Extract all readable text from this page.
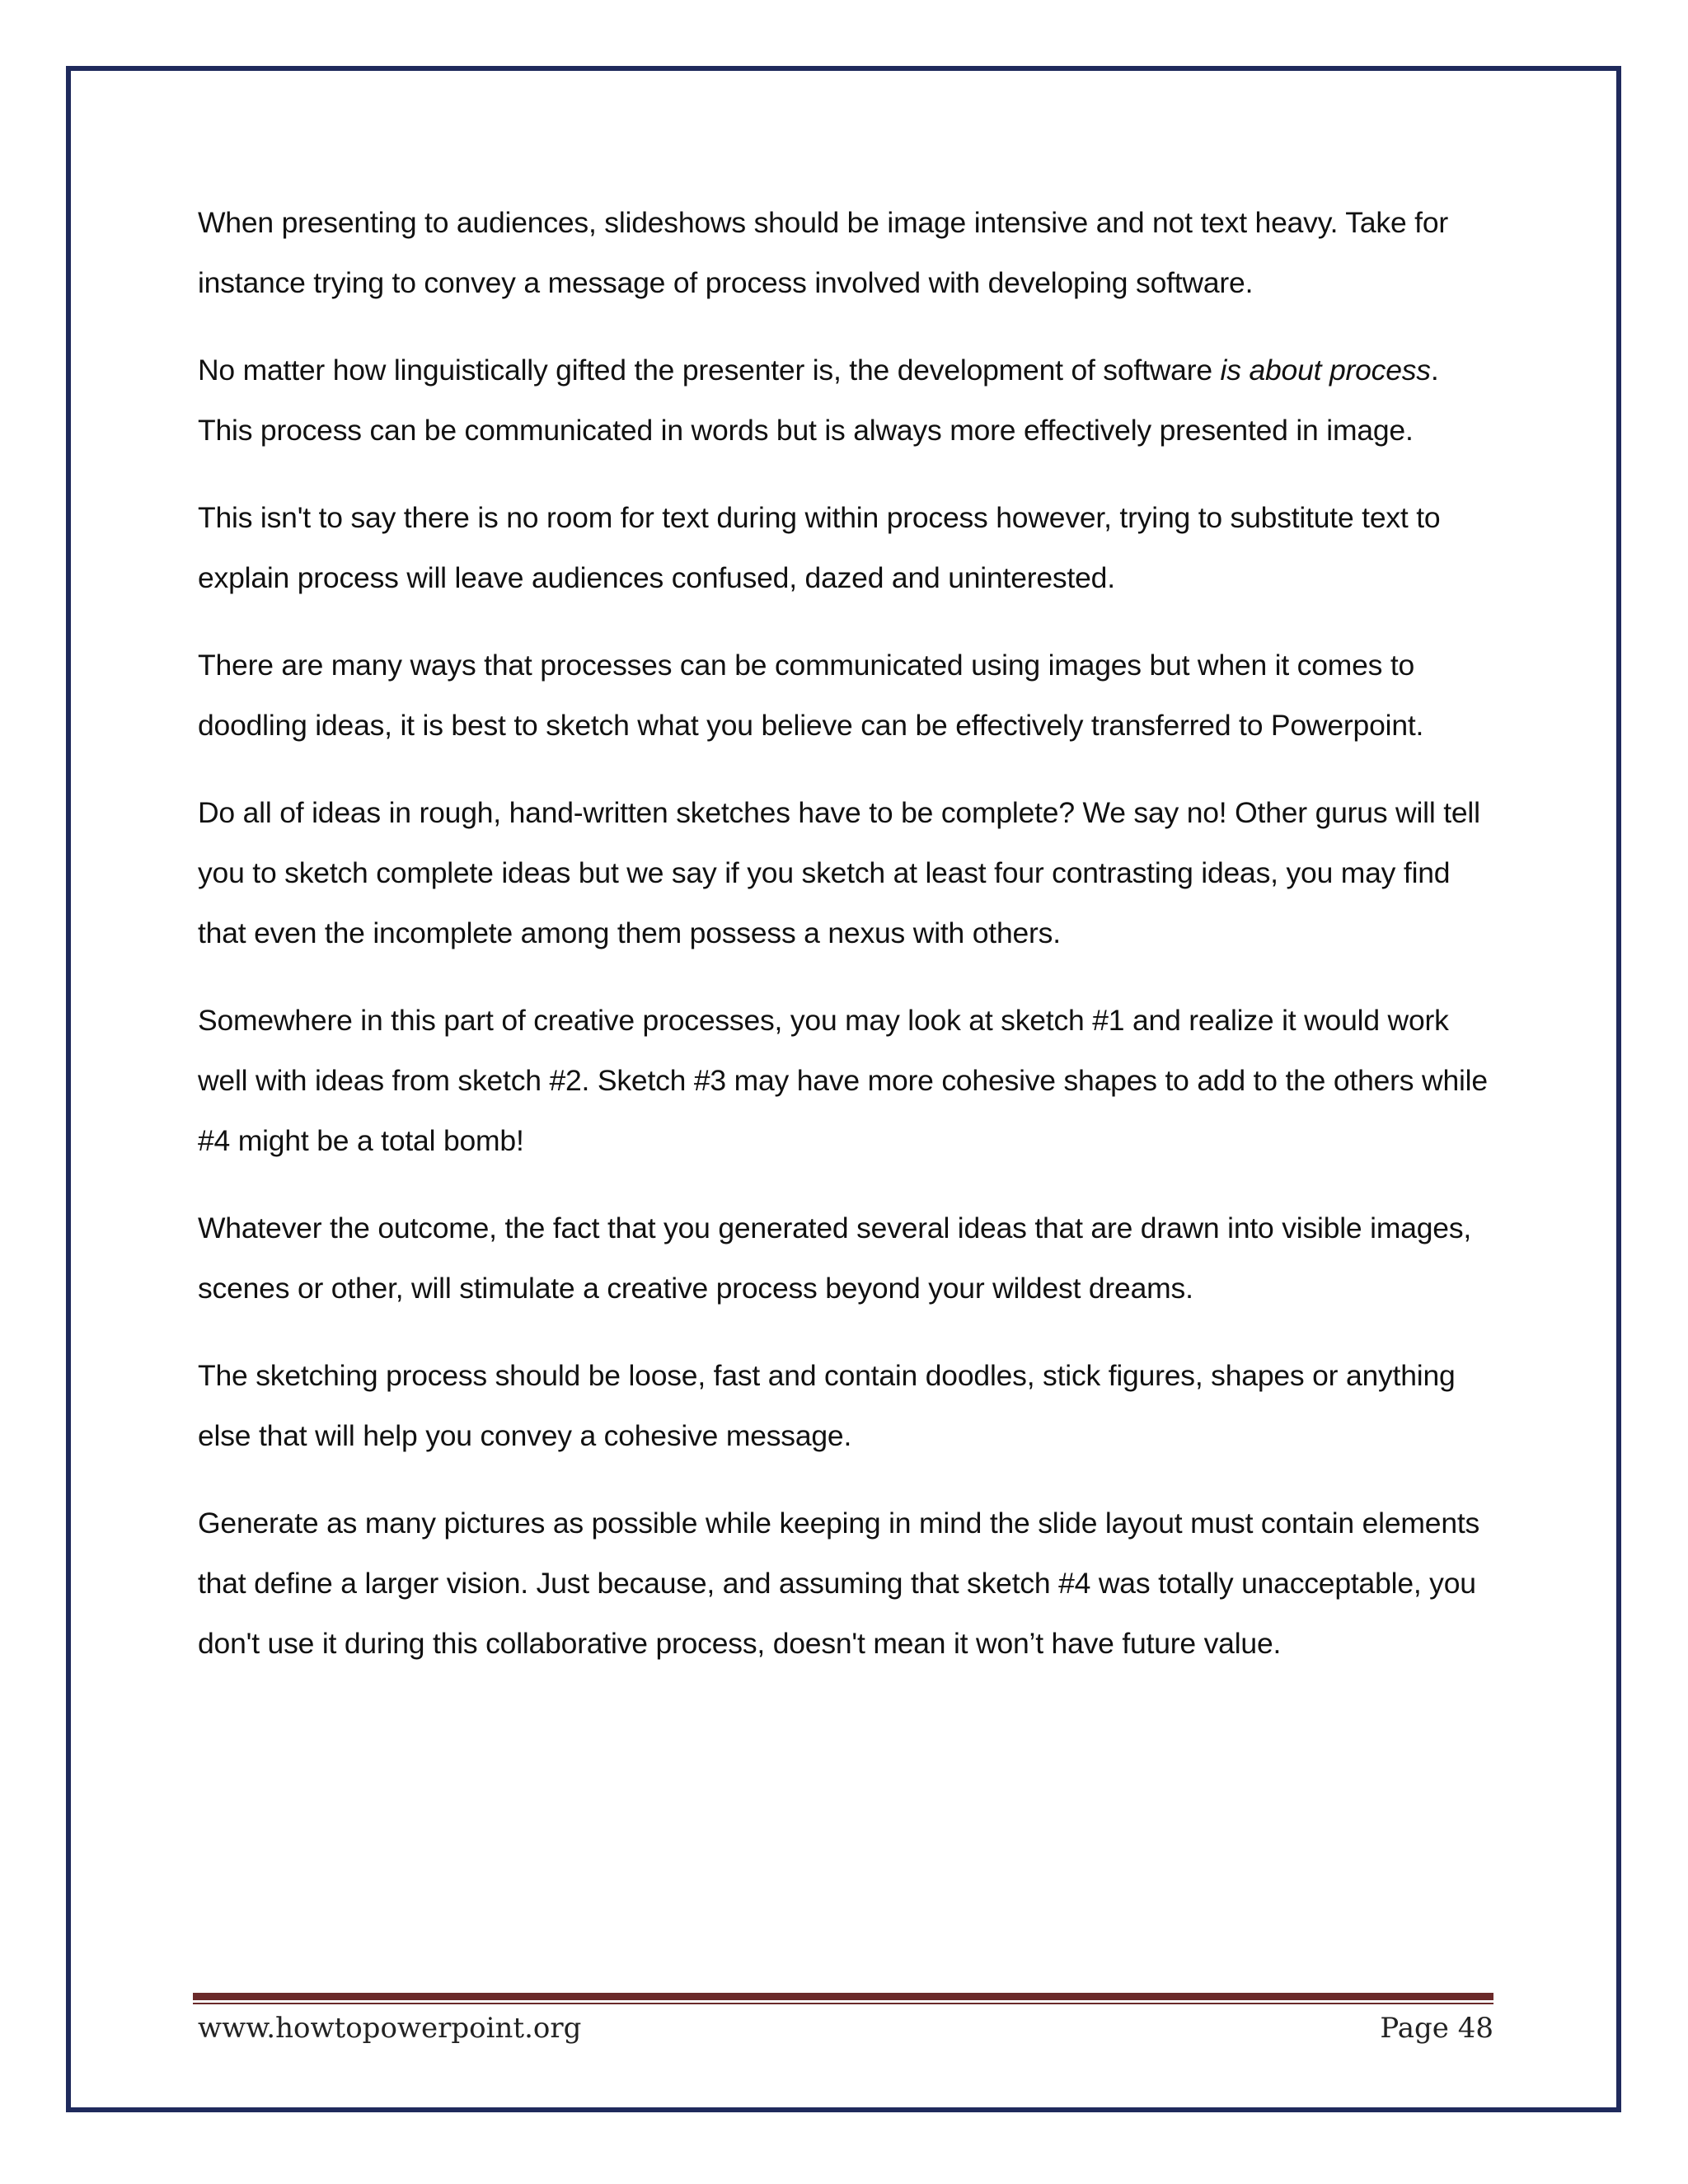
When presenting to audiences, slideshows should be image intensive and not text heavy. Take for instance trying to convey a message of process involved with developing software.

No matter how linguistically gifted the presenter is, the development of software is about process. This process can be communicated in words but is always more effectively presented in image.

This isn't to say there is no room for text during within process however, trying to substitute text to explain process will leave audiences confused, dazed and uninterested.

There are many ways that processes can be communicated using images but when it comes to doodling ideas, it is best to sketch what you believe can be effectively transferred to Powerpoint.

Do all of ideas in rough, hand-written sketches have to be complete? We say no! Other gurus will tell you to sketch complete ideas but we say if you sketch at least four contrasting ideas, you may find that even the incomplete among them possess a nexus with others.

Somewhere in this part of creative processes, you may look at sketch #1 and realize it would work well with ideas from sketch #2. Sketch #3 may have more cohesive shapes to add to the others while #4 might be a total bomb!

Whatever the outcome, the fact that you generated several ideas that are drawn into visible images, scenes or other, will stimulate a creative process beyond your wildest dreams.

The sketching process should be loose, fast and contain doodles, stick figures, shapes or anything else that will help you convey a cohesive message.

Generate as many pictures as possible while keeping in mind the slide layout must contain elements that define a larger vision. Just because, and assuming that sketch #4 was totally unacceptable, you don't use it during this collaborative process, doesn't mean it won’t have future value.

www.howtopowerpoint.org	Page 48
